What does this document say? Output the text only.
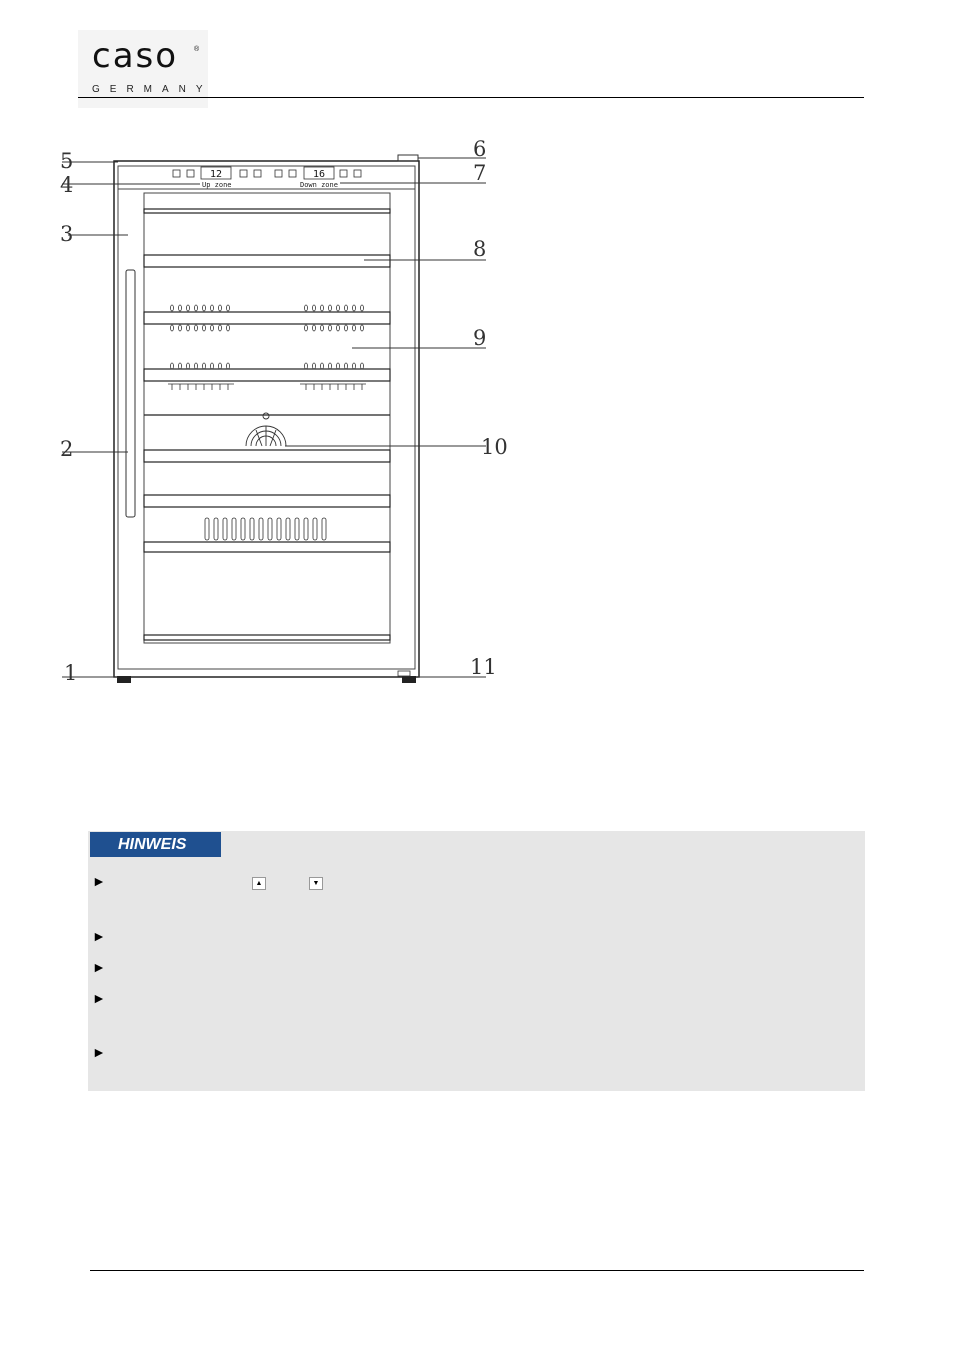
caso ®
GERMANY
12	16
Up zone	Down zone
1
2
3
4
5	6
7
8
9
10
11
HINWEIS
►	▲	▼
►
►
►
►
